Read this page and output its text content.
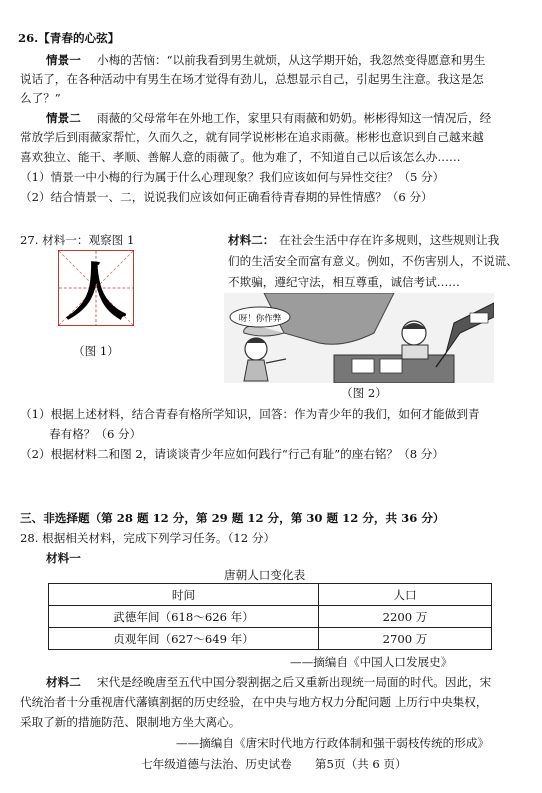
26.【青春的心弦】
情景一 小梅的苦恼：“以前我看到男生就烦，从这学期开始，我忽然变得愿意和男生
说话了，在各种活动中有男生在场才觉得有劲儿，总想显示自己，引起男生注意。我这是怎
么了？”
情景二 雨薇的父母常年在外地工作，家里只有雨薇和奶奶。彬彬得知这一情况后，经
常放学后到雨薇家帮忙，久而久之，就有同学说彬彬在追求雨薇。彬彬也意识到自己越来越
喜欢独立、能干、孝顺、善解人意的雨薇了。他为难了，不知道自己以后该怎么办……
（1）情景一中小梅的行为属于什么心理现象？我们应该如何与异性交往？（5 分）
（2）结合情景一、二，说说我们应该如何正确看待青春期的异性情感？（6 分）
27. 材料一：观察图 1	材料二： 在社会生活中存在许多规则，这些规则让我
们的生活安全而富有意义。例如，不伤害别人，不说谎、
不欺骗，遵纪守法，相互尊重，诚信考试……
人
（图 1）
呀！你作弊
（图 2）
（1）根据上述材料，结合青春有格所学知识，回答：作为青少年的我们，如何才能做到青
春有格？（6 分）
（2）根据材料二和图 2，请谈谈青少年应如何践行“行己有耻”的座右铭？（8 分）
三、非选择题（第 28 题 12 分，第 29 题 12 分，第 30 题 12 分，共 36 分）
28. 根据相关材料，完成下列学习任务。（12 分）
材料一
唐朝人口变化表
时间	人口
武德年间（618～626 年）	2200 万
贞观年间（627～649 年）	2700 万
——摘编自《中国人口发展史》
材料二 宋代是经晚唐至五代中国分裂割据之后又重新出现统一局面的时代。因此，宋
代统治者十分重视唐代藩镇割据的历史经验，在中央与地方权力分配问题 上历行中央集权，
采取了新的措施防范、限制地方坐大离心。
——摘编自《唐宋时代地方行政体制和强干弱枝传统的形成》
七年级道德与法治、历史试卷　　第5页（共 6 页）
